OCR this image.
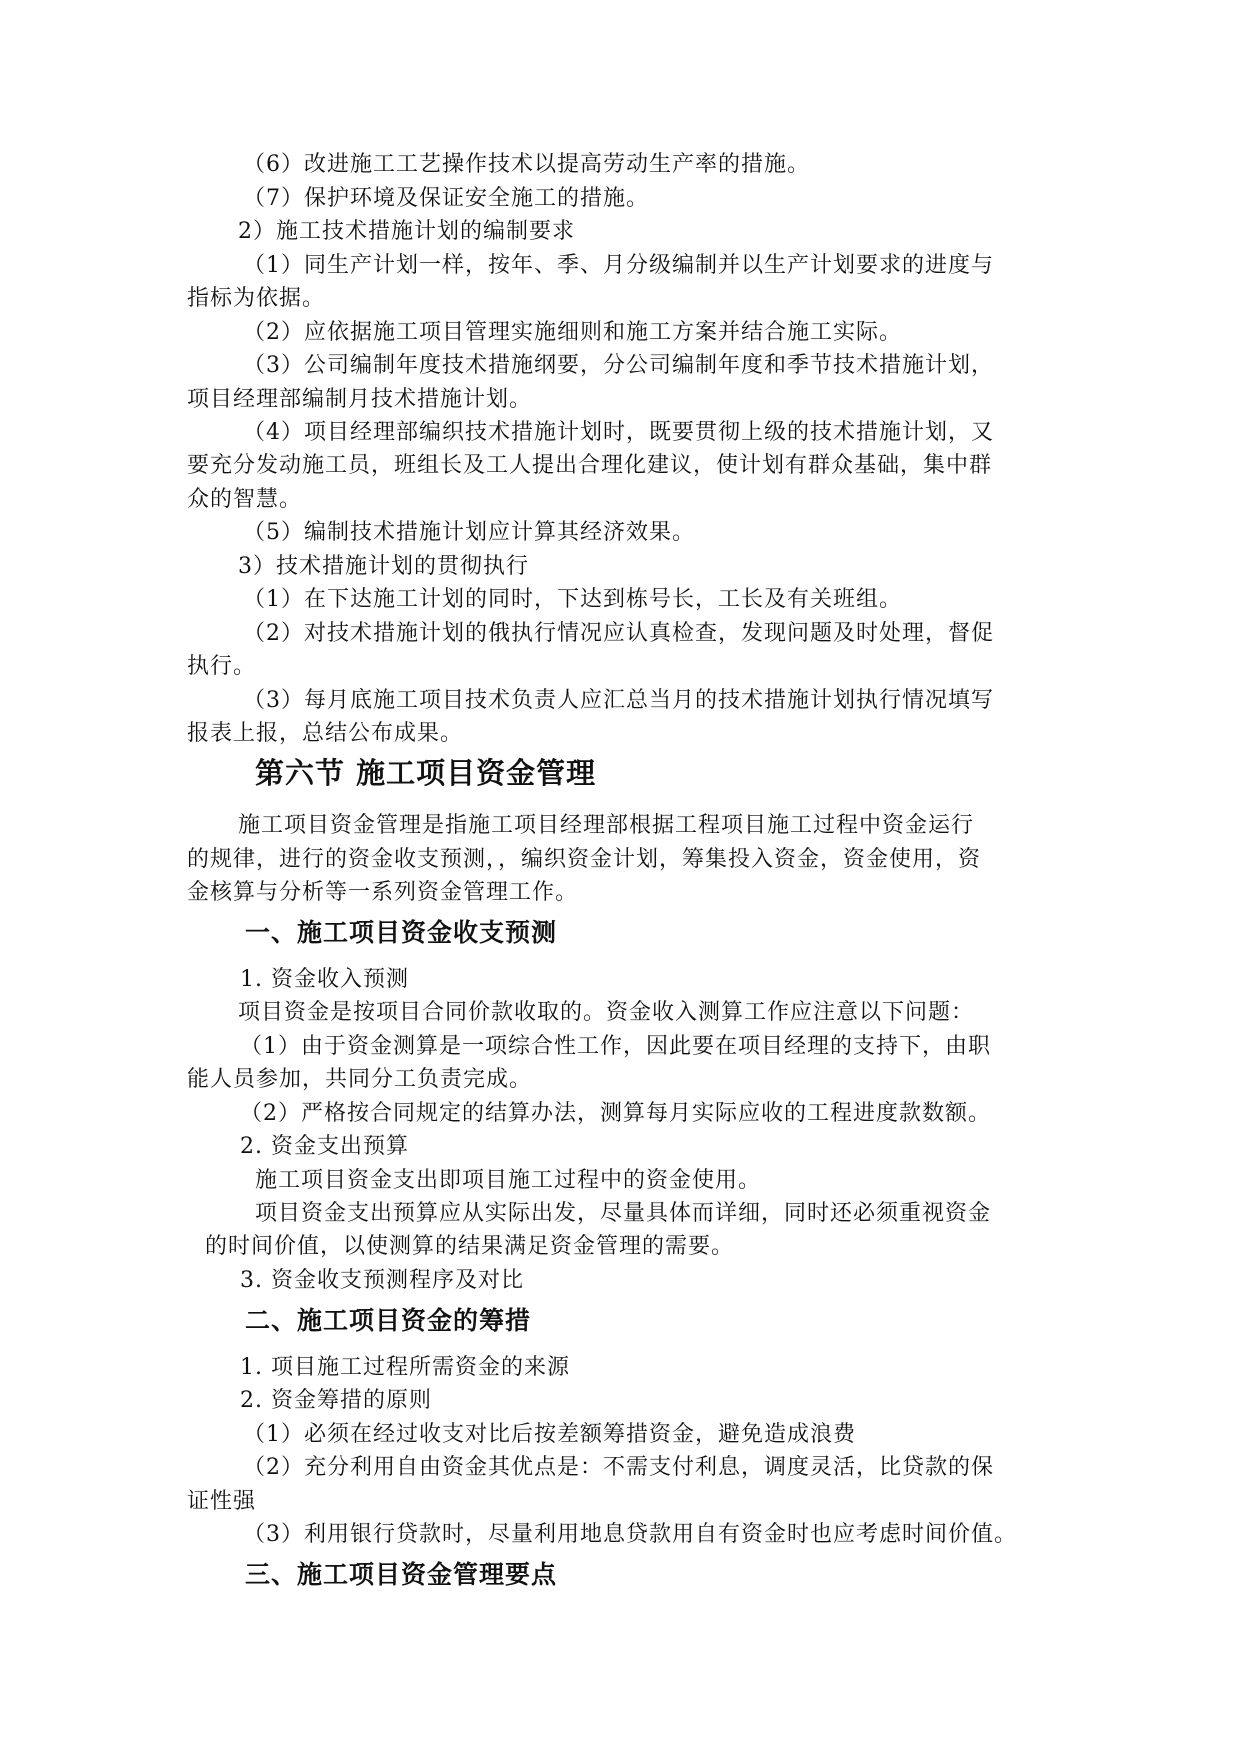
（6）改进施工工艺操作技术以提高劳动生产率的措施。
（7）保护环境及保证安全施工的措施。
2）施工技术措施计划的编制要求
（1）同生产计划一样，按年、季、月分级编制并以生产计划要求的进度与
指标为依据。
（2）应依据施工项目管理实施细则和施工方案并结合施工实际。
（3）公司编制年度技术措施纲要，分公司编制年度和季节技术措施计划，
项目经理部编制月技术措施计划。
（4）项目经理部编织技术措施计划时，既要贯彻上级的技术措施计划，又
要充分发动施工员，班组长及工人提出合理化建议，使计划有群众基础，集中群
众的智慧。
（5）编制技术措施计划应计算其经济效果。
3）技术措施计划的贯彻执行
（1）在下达施工计划的同时，下达到栋号长，工长及有关班组。
（2）对技术措施计划的俄执行情况应认真检查，发现问题及时处理，督促
执行。
（3）每月底施工项目技术负责人应汇总当月的技术措施计划执行情况填写
报表上报，总结公布成果。
第六节 施工项目资金管理
施工项目资金管理是指施工项目经理部根据工程项目施工过程中资金运行
的规律，进行的资金收支预测，，编织资金计划，筹集投入资金，资金使用，资
金核算与分析等一系列资金管理工作。
一、施工项目资金收支预测
1. 资金收入预测
项目资金是按项目合同价款收取的。资金收入测算工作应注意以下问题：
（1）由于资金测算是一项综合性工作，因此要在项目经理的支持下，由职
能人员参加，共同分工负责完成。
（2）严格按合同规定的结算办法，测算每月实际应收的工程进度款数额。
2. 资金支出预算
施工项目资金支出即项目施工过程中的资金使用。
项目资金支出预算应从实际出发，尽量具体而详细，同时还必须重视资金
的时间价值，以使测算的结果满足资金管理的需要。
3. 资金收支预测程序及对比
二、施工项目资金的筹措
1. 项目施工过程所需资金的来源
2. 资金筹措的原则
（1）必须在经过收支对比后按差额筹措资金，避免造成浪费
（2）充分利用自由资金其优点是：不需支付利息，调度灵活，比贷款的保
证性强
（3）利用银行贷款时，尽量利用地息贷款用自有资金时也应考虑时间价值。
三、施工项目资金管理要点
